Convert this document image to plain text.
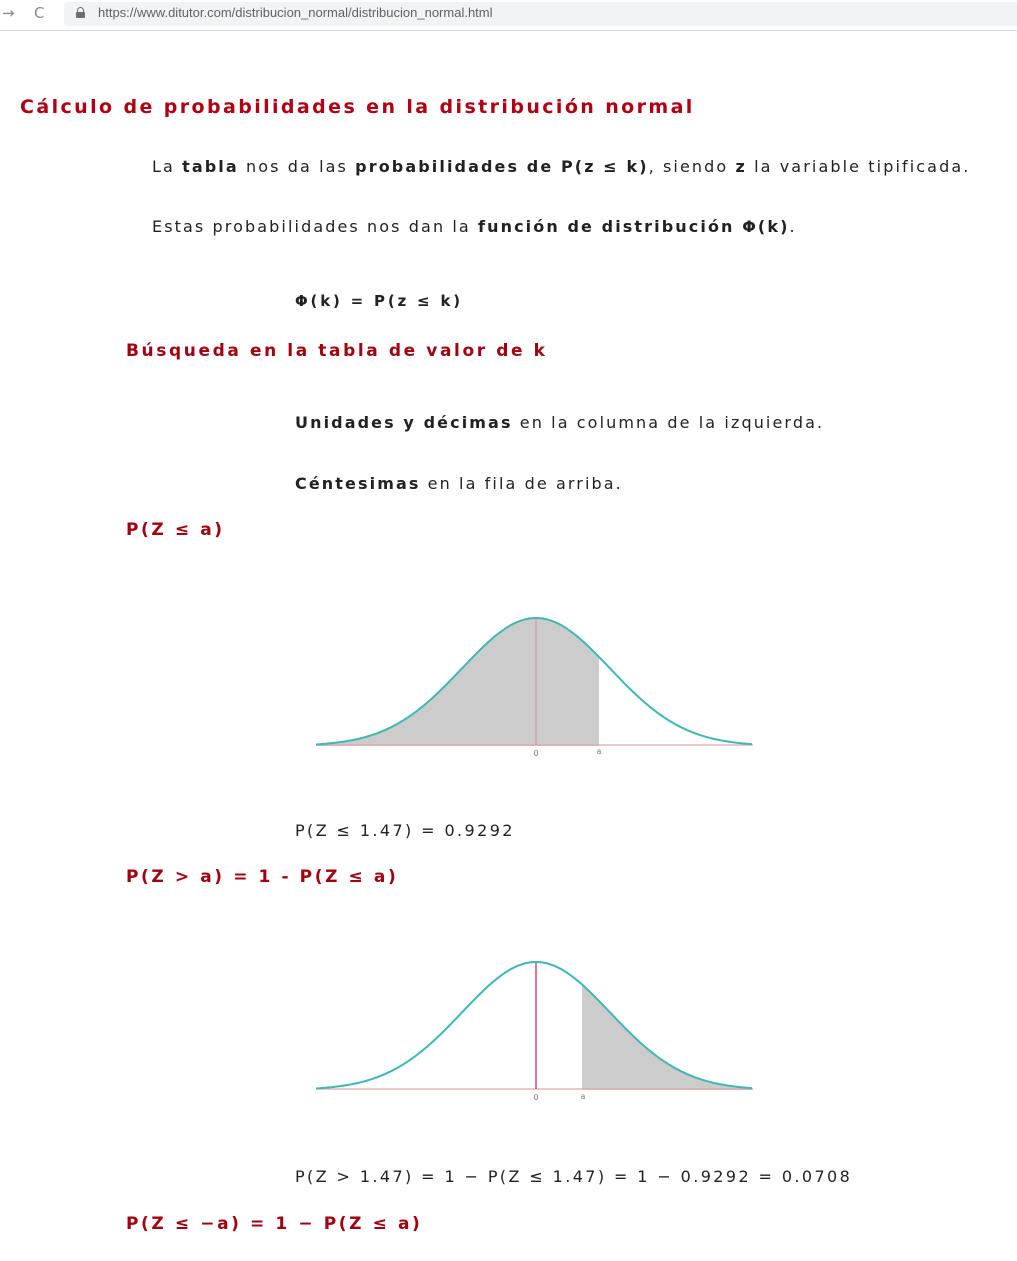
→ C	https://www.ditutor.com/distribucion_normal/distribucion_normal.html
Cálculo de probabilidades en la distribución normal
La tabla nos da las probabilidades de P(z ≤ k), siendo z la variable tipificada.
Estas probabilidades nos dan la función de distribución Φ(k).
Φ(k) = P(z ≤ k)
Búsqueda en la tabla de valor de k
Unidades y décimas en la columna de la izquierda.
Céntesimas en la fila de arriba.
P(Z ≤ a)
0	a
0	a
P(Z ≤ 1.47) = 0.9292
P(Z > a) = 1 - P(Z ≤ a)
P(Z > 1.47) = 1 − P(Z ≤ 1.47) = 1 − 0.9292 = 0.0708
P(Z ≤ −a) = 1 − P(Z ≤ a)
